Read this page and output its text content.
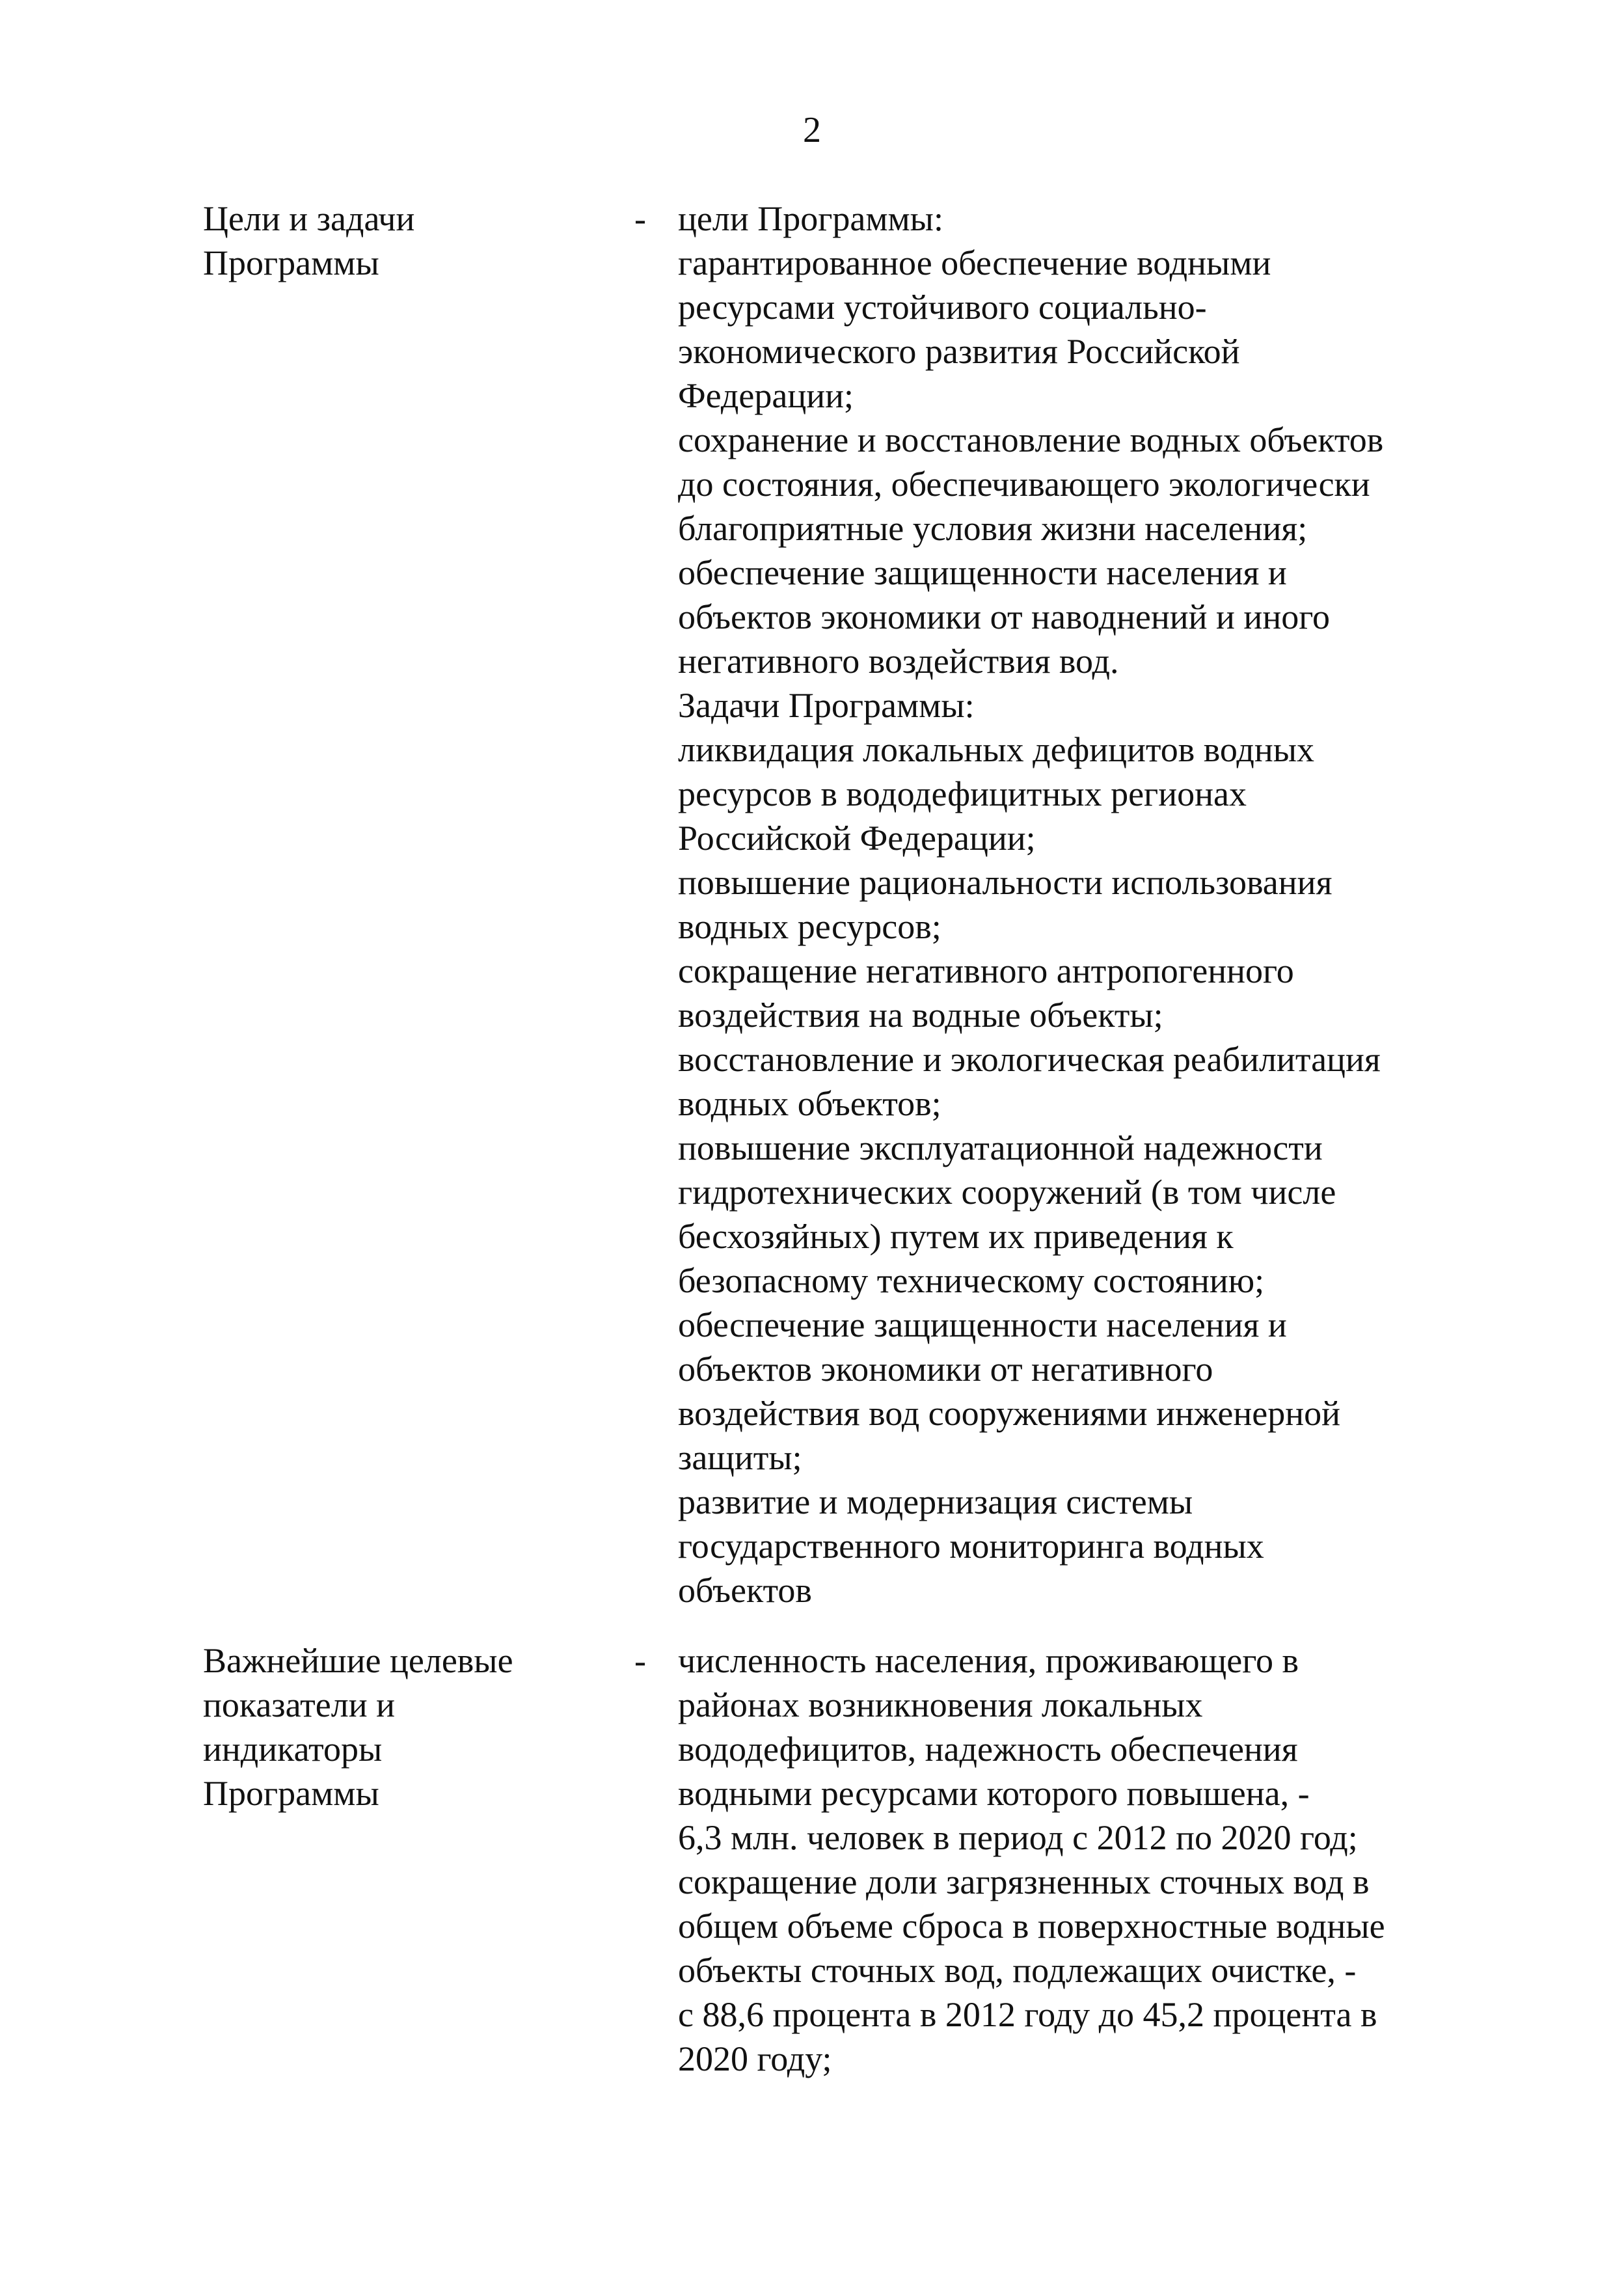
2
Цели и задачи
Программы
- цели Программы:
гарантированное обеспечение водными
ресурсами устойчивого социально-
экономического развития Российской
Федерации;
сохранение и восстановление водных объектов
до состояния, обеспечивающего экологически
благоприятные условия жизни населения;
обеспечение защищенности населения и
объектов экономики от наводнений и иного
негативного воздействия вод.
Задачи Программы:
ликвидация локальных дефицитов водных
ресурсов в вододефицитных регионах
Российской Федерации;
повышение рациональности использования
водных ресурсов;
сокращение негативного антропогенного
воздействия на водные объекты;
восстановление и экологическая реабилитация
водных объектов;
повышение эксплуатационной надежности
гидротехнических сооружений (в том числе
бесхозяйных) путем их приведения к
безопасному техническому состоянию;
обеспечение защищенности населения и
объектов экономики от негативного
воздействия вод сооружениями инженерной
защиты;
развитие и модернизация системы
государственного мониторинга водных
объектов
Важнейшие целевые
показатели и
индикаторы
Программы
- численность населения, проживающего в
районах возникновения локальных
вододефицитов, надежность обеспечения
водными ресурсами которого повышена, -
6,3 млн. человек в период с 2012 по 2020 год;
сокращение доли загрязненных сточных вод в
общем объеме сброса в поверхностные водные
объекты сточных вод, подлежащих очистке, -
с 88,6 процента в 2012 году до 45,2 процента в
2020 году;
